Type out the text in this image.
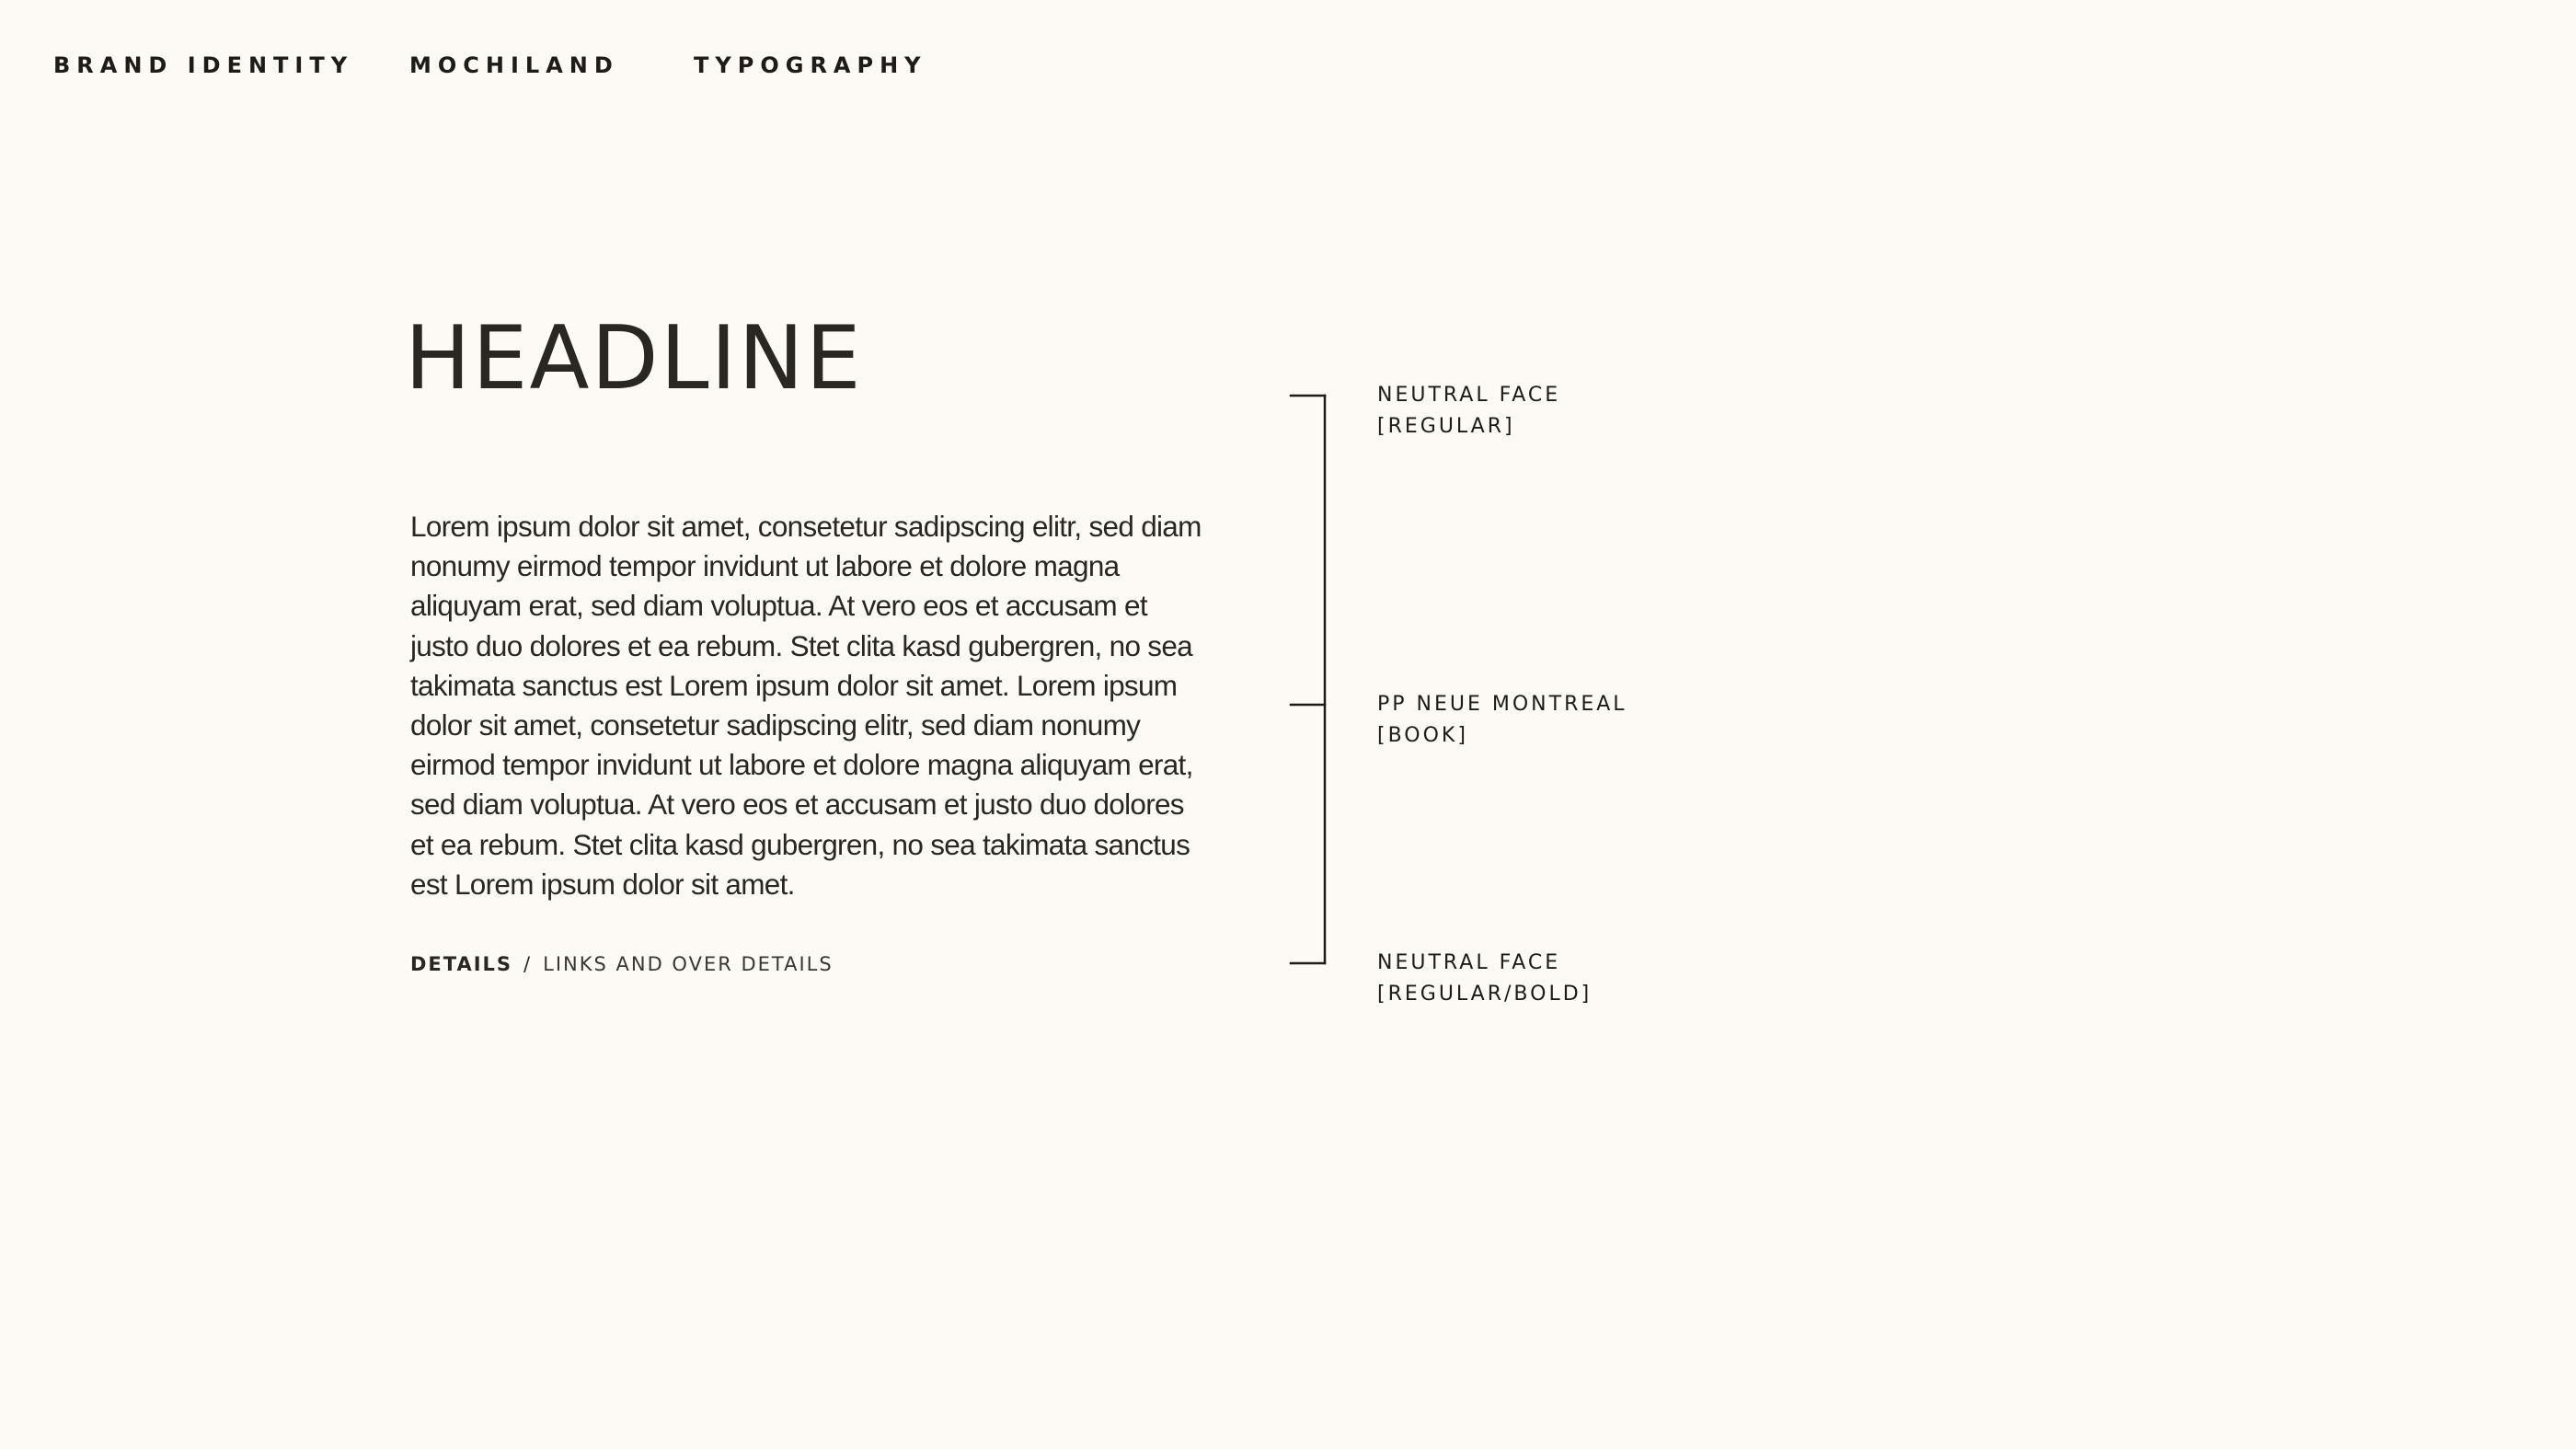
BRAND IDENTITY	MOCHILAND	TYPOGRAPHY
HEADLINE
Lorem ipsum dolor sit amet, consetetur sadipscing elitr, sed diam nonumy eirmod tempor invidunt ut labore et dolore magna aliquyam erat, sed diam voluptua. At vero eos et accusam et justo duo dolores et ea rebum. Stet clita kasd gubergren, no sea takimata sanctus est Lorem ipsum dolor sit amet. Lorem ipsum dolor sit amet, consetetur sadipscing elitr, sed diam nonumy eirmod tempor invidunt ut labore et dolore magna aliquyam erat, sed diam voluptua. At vero eos et accusam et justo duo dolores et ea rebum. Stet clita kasd gubergren, no sea takimata sanctus est Lorem ipsum dolor sit amet.
DETAILS / LINKS AND OVER DETAILS
NEUTRAL FACE
[REGULAR]
PP NEUE MONTREAL
[BOOK]
NEUTRAL FACE
[REGULAR/BOLD]
